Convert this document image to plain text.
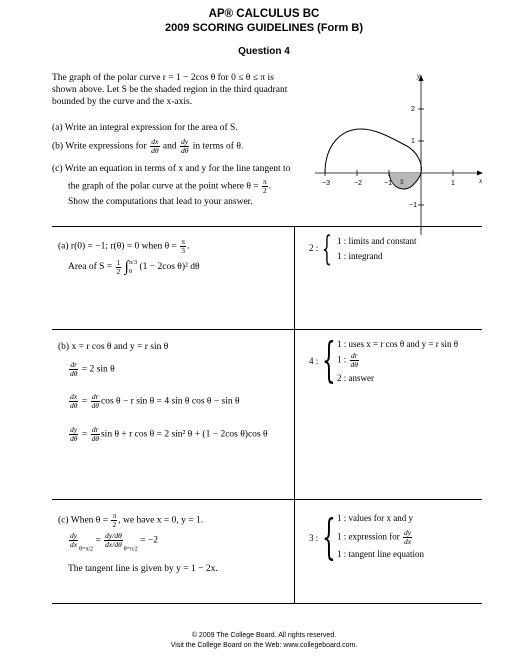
AP® CALCULUS BC
2009 SCORING GUIDELINES (Form B)
Question 4
The graph of the polar curve r = 1 − 2cos θ for 0 ≤ θ ≤ π is
shown above. Let S be the shaded region in the third quadrant
bounded by the curve and the x-axis.
(a) Write an integral expression for the area of S.
(b) Write expressions for $\frac{dx}{d\theta}$ and $\frac{dy}{d\theta}$ in terms of θ.
(c) Write an equation in terms of x and y for the line tangent to
the graph of the polar curve at the point where $\theta = \frac{\pi}{2}$ .
Show the computations that lead to your answer.
−3	−2	−1	1
2
1
−1
x
y
S
(a) r(0) = −1; r(θ) = 0 when $\theta = \frac{\pi}{3}$ .
Area of $S = \frac{1}{2}$ ∫ π/3
0 (1 − 2cos θ)² dθ
2 : { 1 : limits and constant
1 : integrand
(b) x = r cos θ and y = r sin θ
$\frac{dr}{d\theta} = 2$ sin θ
$\frac{dx}{d\theta} = \frac{dr}{d\theta}$ cos θ − r sin θ = 4 sin θ cos θ − sin θ
$\frac{dy}{d\theta} = \frac{dr}{d\theta}$ sin θ + r cos θ = 2 sin² θ + (1 − 2cos θ)cos θ
4 : { 1 : uses x = r cos θ and y = r sin θ
1 : $\frac{dr}{d\theta}$
2 : answer
(c) When $\theta = \frac{\pi}{2}$ , we have x = 0, y = 1.
$\frac{dy}{dx}$
$_{\theta=\pi/2} = \frac{dy/d\theta}{dx/d\theta}$
$_{\theta=\pi/2}$ = −2
The tangent line is given by y = 1 − 2x.
3 : { 1 : values for x and y
1 : expression for $\frac{dy}{dx}$
1 : tangent line equation
© 2009 The College Board. All rights reserved.
Visit the College Board on the Web: www.collegeboard.com.
